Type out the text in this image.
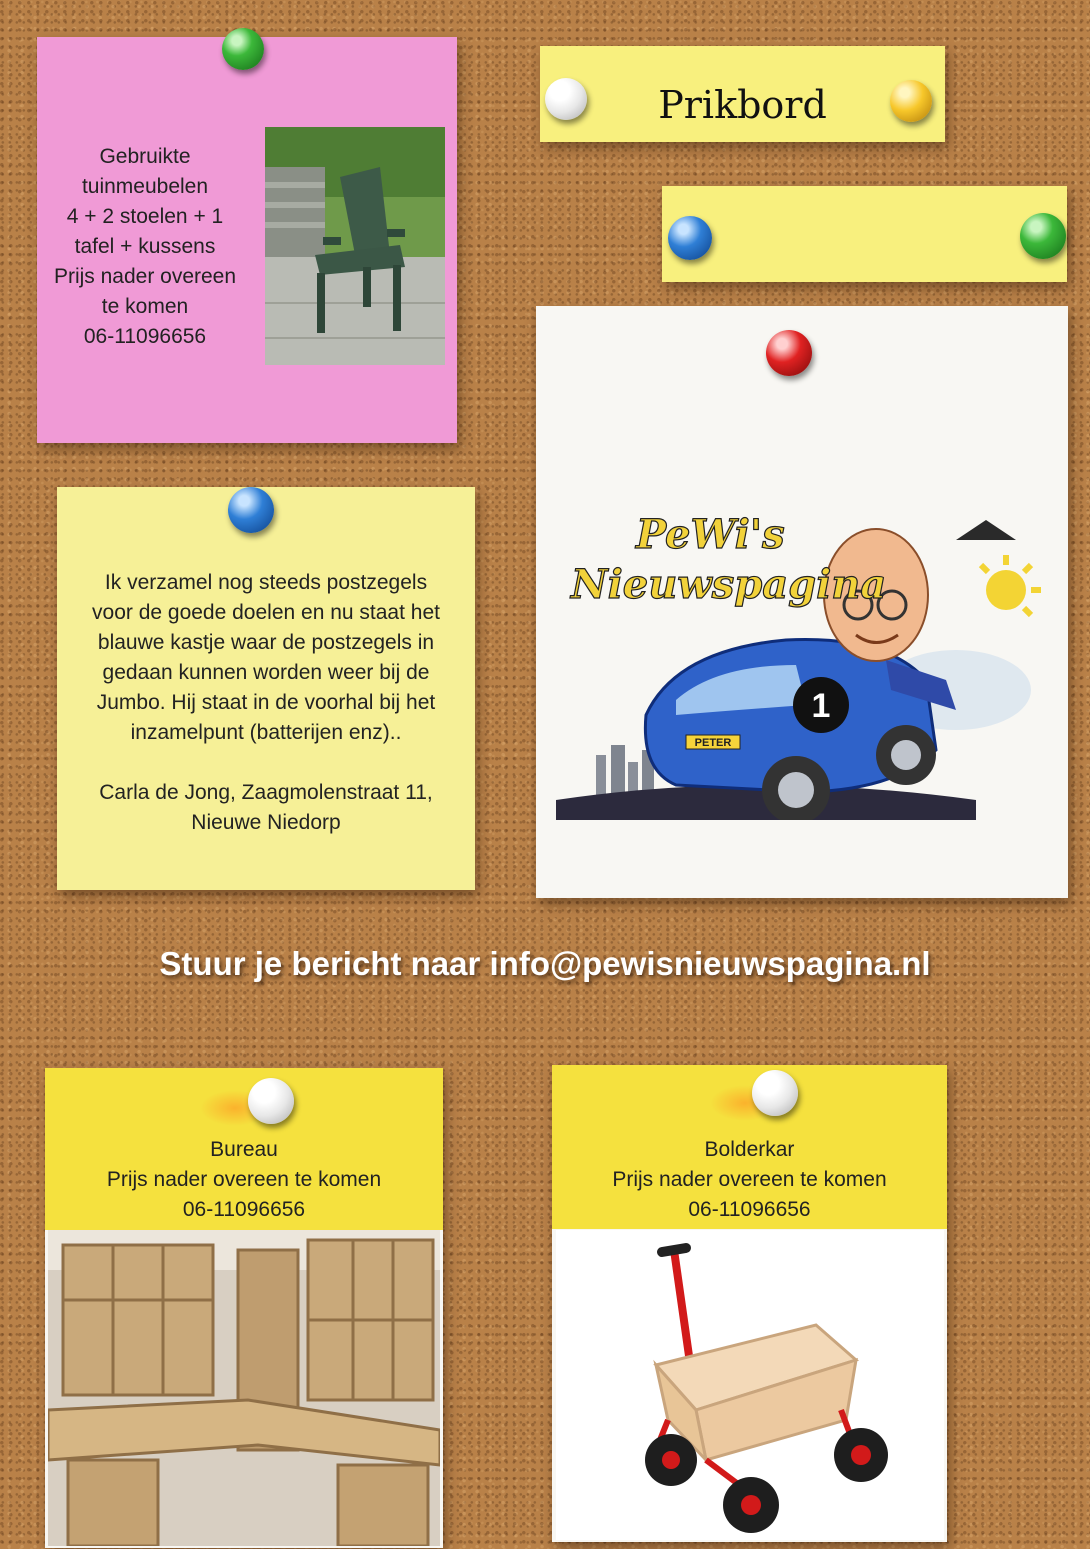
Gebruikte
tuinmeubelen
4 + 2 stoelen + 1
tafel + kussens
Prijs nader overeen
te komen
06-11096656
Prikbord
Ik verzamel nog steeds postzegels
voor de goede doelen en nu staat het
blauwe kastje waar de postzegels in
gedaan kunnen worden weer bij de
Jumbo. Hij staat in de voorhal bij het
inzamelpunt (batterijen enz)..
Carla de Jong, Zaagmolenstraat 11,
Nieuwe Niedorp
PETER
1
PeWi's
Nieuwspagina
Stuur je bericht naar info@pewisnieuwspagina.nl
Bureau
Prijs nader overeen te komen
06-11096656
Bolderkar
Prijs nader overeen te komen
06-11096656
